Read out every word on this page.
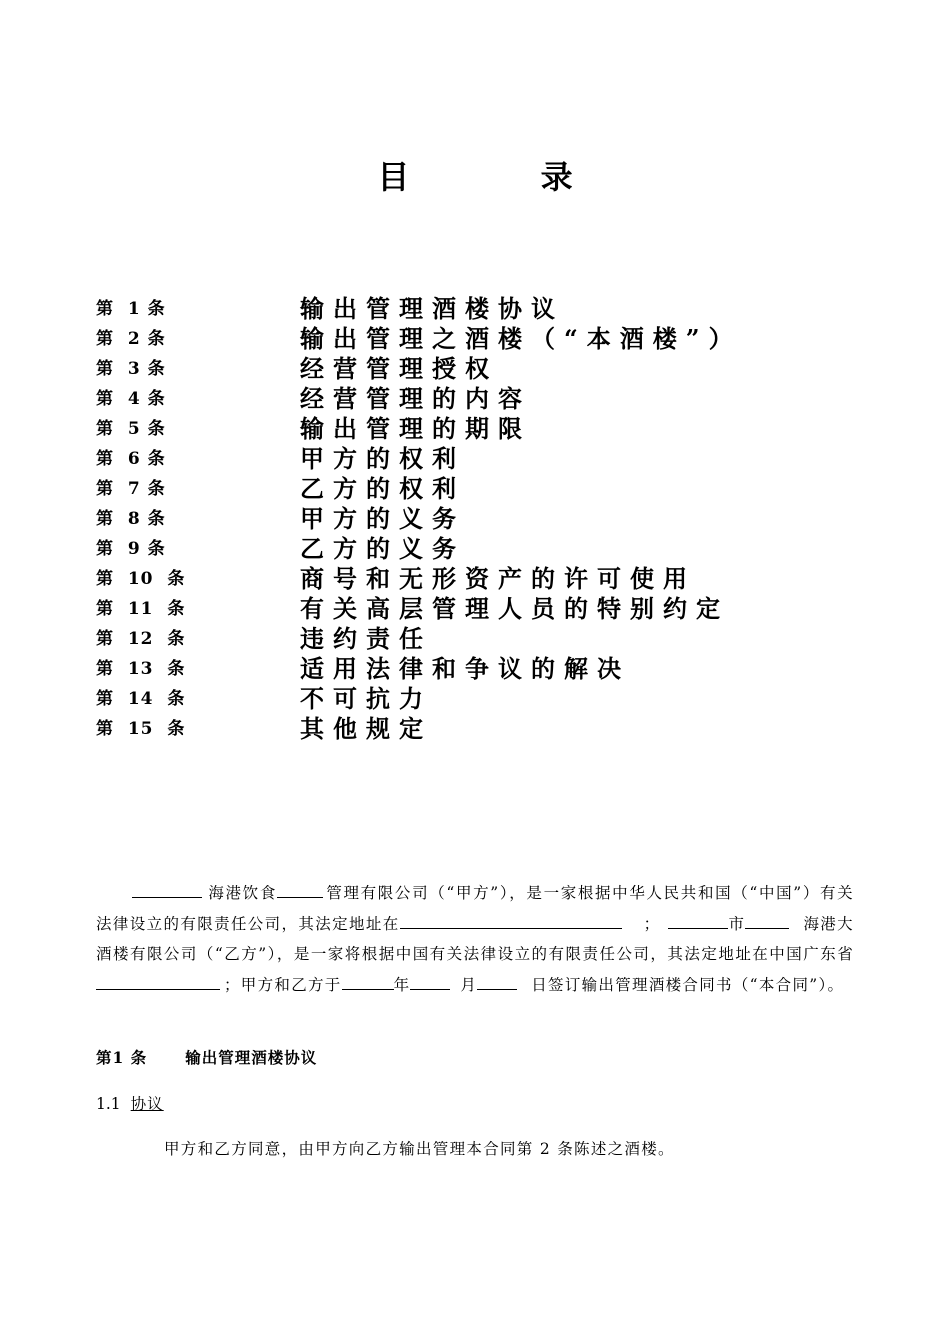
目 录
第  1 条	输出管理酒楼协议
第  2 条	输出管理之酒楼（“本酒楼”）
第  3 条	经营管理授权
第  4 条	经营管理的内容
第  5 条	输出管理的期限
第  6 条	甲方的权利
第  7 条	乙方的权利
第  8 条	甲方的义务
第  9 条	乙方的义务
第  10  条	商号和无形资产的许可使用
第  11  条	有关高层管理人员的特别约定
第  12  条	违约责任
第  13  条	适用法律和争议的解决
第  14  条	不可抗力
第  15  条	其他规定
海港饮食	管理有限公司（“甲方”），是一家根据中华人民共和国（“中国”）有关法律设立的有限责任公司，其法定地址在	；	市	海港大酒楼有限公司（“乙方”），是一家将根据中国有关法律设立的有限责任公司，其法定地址在中国广东省；甲方和乙方于	年	月	日签订输出管理酒楼合同书（“本合同”）。
第1 条 输出管理酒楼协议
1.1 协议
甲方和乙方同意，由甲方向乙方输出管理本合同第 2 条陈述之酒楼。
